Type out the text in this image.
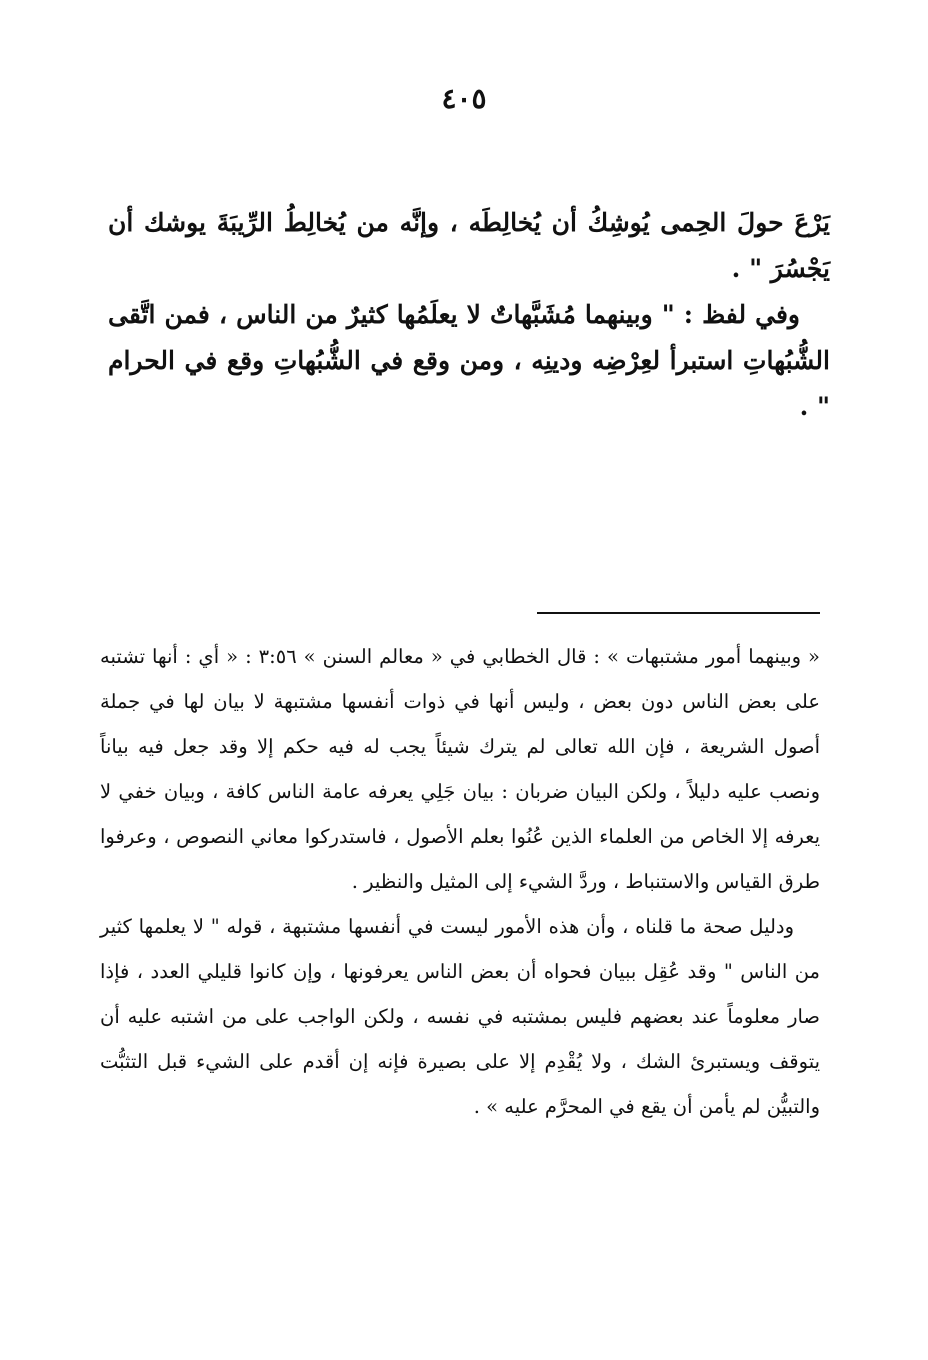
٤٠٥

يَرْعَ حولَ الحِمى يُوشِكُ أن يُخالِطَه ، وإنَّه من يُخالِطُ الرِّيبَةَ يوشك أن يَجْسُرَ " .

وفي لفظ : " وبينهما مُشَبَّهاتٌ لا يعلَمُها كثيرٌ من الناس ، فمن اتَّقى الشُّبُهاتِ استبرأ لعِرْضِه ودينِه ، ومن وقع في الشُّبُهاتِ وقع في الحرام " .

« وبينهما أمور مشتبهات » : قال الخطابي في « معالم السنن » ٣:٥٦ : « أي : أنها تشتبه على بعض الناس دون بعض ، وليس أنها في ذوات أنفسها مشتبهة لا بيان لها في جملة أصول الشريعة ، فإن الله تعالى لم يترك شيئاً يجب له فيه حكم إلا وقد جعل فيه بياناً ونصب عليه دليلاً ، ولكن البيان ضربان : بيان جَلِي يعرفه عامة الناس كافة ، وبيان خفي لا يعرفه إلا الخاص من العلماء الذين عُنُوا بعلم الأصول ، فاستدركوا معاني النصوص ، وعرفوا طرق القياس والاستنباط ، وردَّ الشيء إلى المثيل والنظير .

ودليل صحة ما قلناه ، وأن هذه الأمور ليست في أنفسها مشتبهة ، قوله " لا يعلمها كثير من الناس " وقد عُقِل ببيان فحواه أن بعض الناس يعرفونها ، وإن كانوا قليلي العدد ، فإذا صار معلوماً عند بعضهم فليس بمشتبه في نفسه ، ولكن الواجب على من اشتبه عليه أن يتوقف ويستبرئ الشك ، ولا يُقْدِم إلا على بصيرة فإنه إن أقدم على الشيء قبل التثبُّت والتبيُّن لم يأمن أن يقع في المحرَّم عليه » .
